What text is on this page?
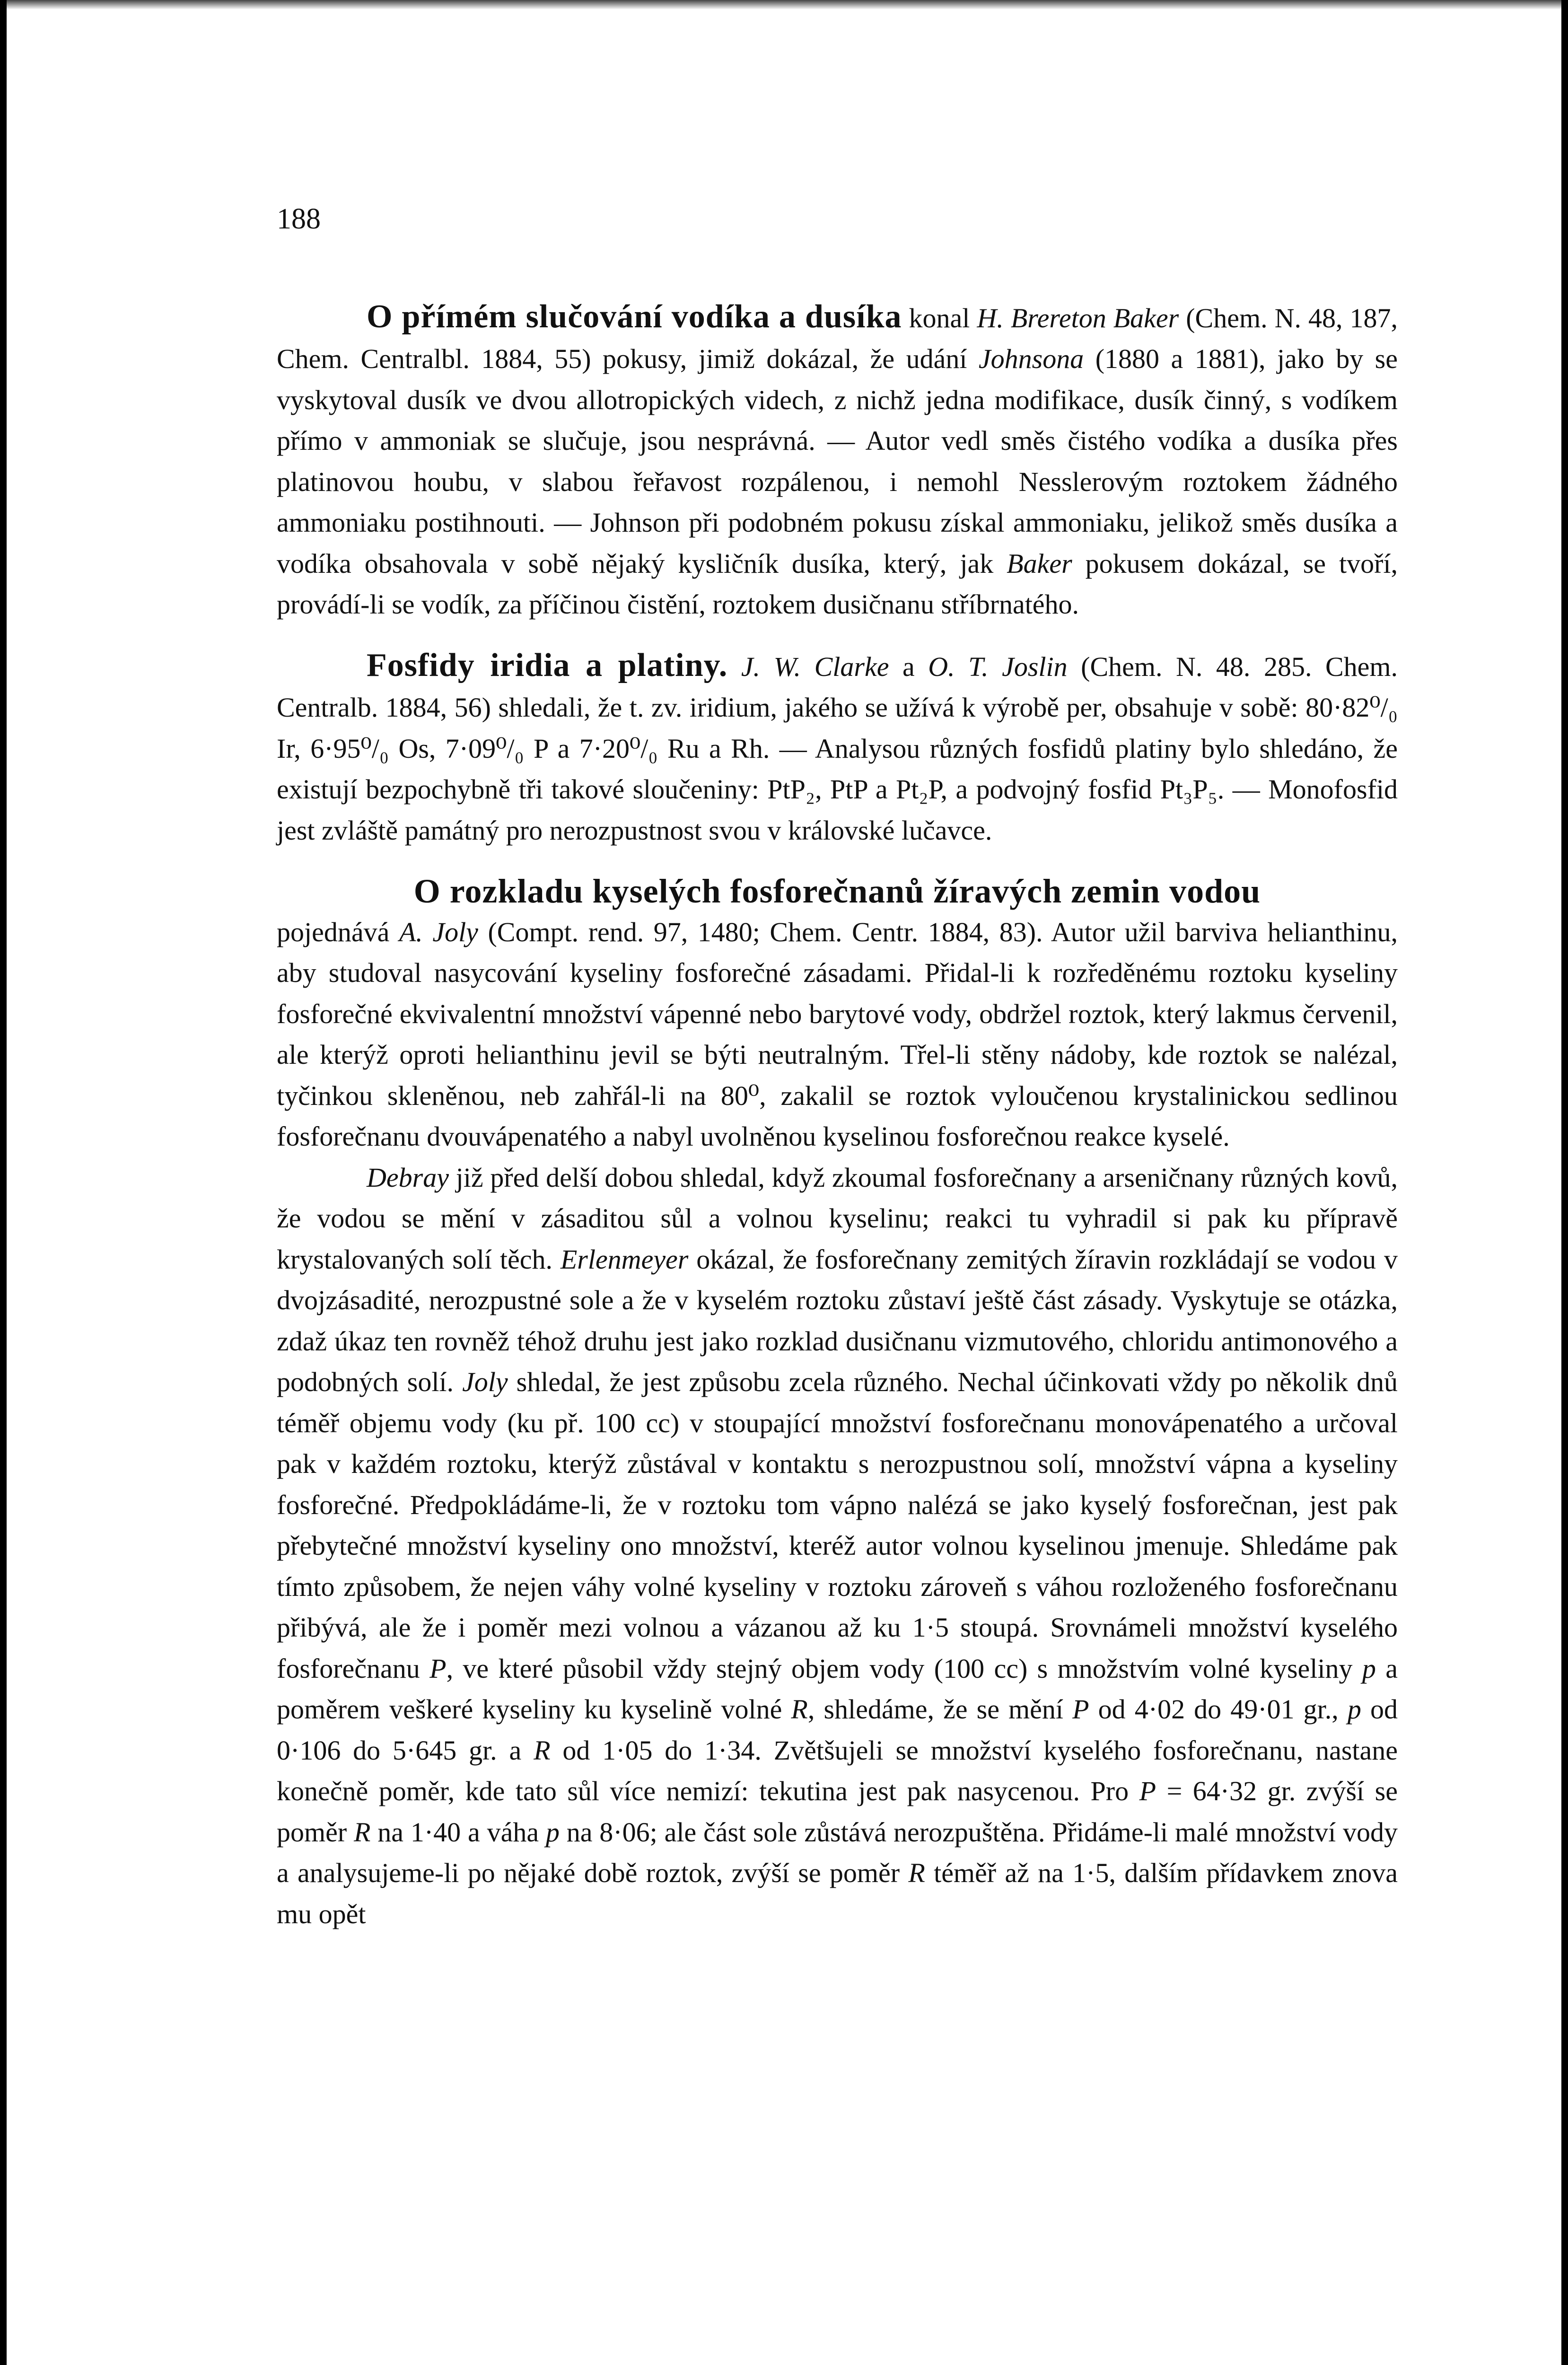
188

O přímém slučování vodíka a dusíka konal H. Brereton Baker (Chem. N. 48, 187, Chem. Centralbl. 1884, 55) pokusy, jimiž dokázal, že udání Johnsona (1880 a 1881), jako by se vyskytoval dusík ve dvou allotropických videch, z nichž jedna modifikace, dusík činný, s vodíkem přímo v ammoniak se slučuje, jsou nesprávná. — Autor vedl směs čistého vodíka a dusíka přes platinovou houbu, v slabou řeřavost rozpálenou, i nemohl Nesslerovým roztokem žádného ammoniaku postihnouti. — Johnson při podobném pokusu získal ammoniaku, jelikož směs dusíka a vodíka obsahovala v sobě nějaký kysličník dusíka, který, jak Baker pokusem dokázal, se tvoří, provádí-li se vodík, za příčinou čistění, roztokem dusičnanu stříbrnatého.

Fosfidy iridia a platiny. J. W. Clarke a O. T. Joslin (Chem. N. 48. 285. Chem. Centralb. 1884, 56) shledali, že t. zv. iridium, jakého se užívá k výrobě per, obsahuje v sobě: 80·82⁰/₀ Ir, 6·95⁰/₀ Os, 7·09⁰/₀ P a 7·20⁰/₀ Ru a Rh. — Analysou různých fosfidů platiny bylo shledáno, že existují bezpochybně tři takové sloučeniny: PtP₂, PtP a Pt₂P, a podvojný fosfid Pt₃P₅. — Monofosfid jest zvláště památný pro nerozpustnost svou v královské lučavce.

O rozkladu kyselých fosforečnanů žíravých zemin vodou
pojednává A. Joly (Compt. rend. 97, 1480; Chem. Centr. 1884, 83). Autor užil barviva helianthinu, aby studoval nasycování kyseliny fosforečné zásadami. Přidal-li k rozředěnému roztoku kyseliny fosforečné ekvivalentní množství vápenné nebo barytové vody, obdržel roztok, který lakmus červenil, ale kterýž oproti helianthinu jevil se býti neutralným. Třel-li stěny nádoby, kde roztok se nalézal, tyčinkou skleněnou, neb zahřál-li na 80⁰, zakalil se roztok vyloučenou krystalinickou sedlinou fosforečnanu dvouvápenatého a nabyl uvolněnou kyselinou fosforečnou reakce kyselé.

Debray již před delší dobou shledal, když zkoumal fosforečnany a arseničnany různých kovů, že vodou se mění v zásaditou sůl a volnou kyselinu; reakci tu vyhradil si pak ku přípravě krystalovaných solí těch. Erlenmeyer okázal, že fosforečnany zemitých žíravin rozkládají se vodou v dvojzásadité, nerozpustné sole a že v kyselém roztoku zůstaví ještě část zásady. Vyskytuje se otázka, zdaž úkaz ten rovněž téhož druhu jest jako rozklad dusičnanu vizmutového, chloridu antimonového a podobných solí. Joly shledal, že jest způsobu zcela různého. Nechal účinkovati vždy po několik dnů téměř objemu vody (ku př. 100 cc) v stoupající množství fosforečnanu monovápenatého a určoval pak v každém roztoku, kterýž zůstával v kontaktu s nerozpustnou solí, množství vápna a kyseliny fosforečné. Předpokládáme-li, že v roztoku tom vápno nalézá se jako kyselý fosforečnan, jest pak přebytečné množství kyseliny ono množství, kteréž autor volnou kyselinou jmenuje. Shledáme pak tímto způsobem, že nejen váhy volné kyseliny v roztoku zároveň s váhou rozloženého fosforečnanu přibývá, ale že i poměr mezi volnou a vázanou až ku 1·5 stoupá. Srovnámeli množství kyselého fosforečnanu P, ve které působil vždy stejný objem vody (100 cc) s množstvím volné kyseliny p a poměrem veškeré kyseliny ku kyselině volné R, shledáme, že se mění P od 4·02 do 49·01 gr., p od 0·106 do 5·645 gr. a R od 1·05 do 1·34. Zvětšujeli se množství kyselého fosforečnanu, nastane konečně poměr, kde tato sůl více nemizí: tekutina jest pak nasycenou. Pro P = 64·32 gr. zvýší se poměr R na 1·40 a váha p na 8·06; ale část sole zůstává nerozpuštěna. Přidáme-li malé množství vody a analysujeme-li po nějaké době roztok, zvýší se poměr R téměř až na 1·5, dalším přídavkem znova mu opět
